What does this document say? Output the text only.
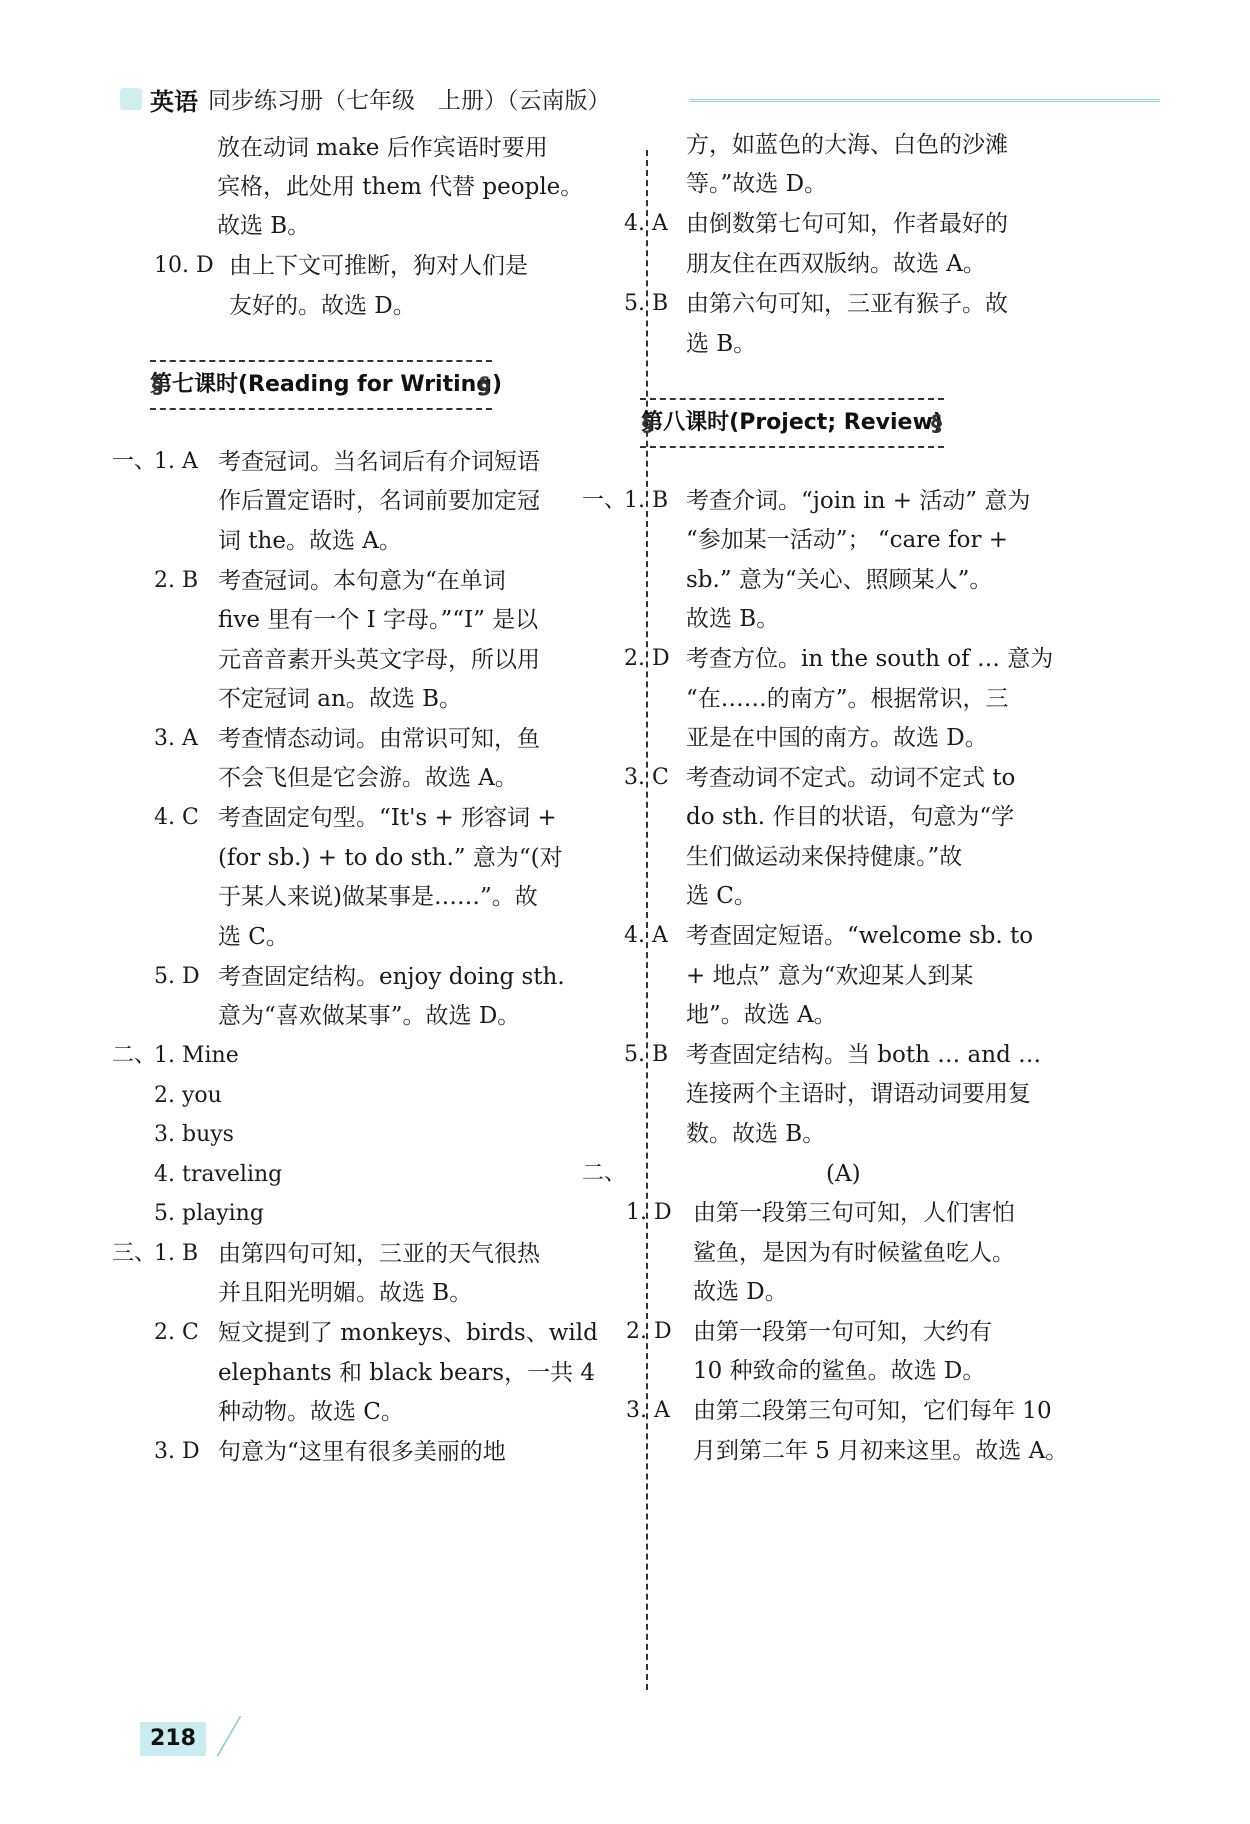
英语 同步练习册（七年级　上册）（云南版）
放在动词 make 后作宾语时要用
宾格，此处用 them 代替 people。
故选 B。
10. D 由上下文可推断，狗对人们是
友好的。故选 D。
§ 第七课时(Reading for Writing) §
一、
1. A 考查冠词。当名词后有介词短语
作后置定语时，名词前要加定冠
词 the。故选 A。
2. B 考查冠词。本句意为“在单词
five 里有一个 I 字母。”“I” 是以
元音音素开头英文字母，所以用
不定冠词 an。故选 B。
3. A 考查情态动词。由常识可知，鱼
不会飞但是它会游。故选 A。
4. C 考查固定句型。“It's + 形容词 +
(for sb.) + to do sth.” 意为“(对
于某人来说)做某事是……”。故
选 C。
5. D 考查固定结构。enjoy doing sth.
意为“喜欢做某事”。故选 D。
二、
1. Mine
2. you
3. buys
4. traveling
5. playing
三、
1. B 由第四句可知，三亚的天气很热
并且阳光明媚。故选 B。
2. C 短文提到了 monkeys、birds、wild
elephants 和 black bears，一共 4
种动物。故选 C。
3. D 句意为“这里有很多美丽的地
方，如蓝色的大海、白色的沙滩
等。”故选 D。
4. A 由倒数第七句可知，作者最好的
朋友住在西双版纳。故选 A。
5. B 由第六句可知，三亚有猴子。故
选 B。
§ 第八课时(Project; Review) §
一、
1. B 考查介词。“join in + 活动” 意为
“参加某一活动”； “care for +
sb.” 意为“关心、照顾某人”。
故选 B。
2. D 考查方位。in the south of … 意为
“在……的南方”。根据常识，三
亚是在中国的南方。故选 D。
3. C 考查动词不定式。动词不定式 to
do sth. 作目的状语，句意为“学
生们做运动来保持健康。”故
选 C。
4. A 考查固定短语。“welcome sb. to
+ 地点” 意为“欢迎某人到某
地”。故选 A。
5. B 考查固定结构。当 both … and …
连接两个主语时，谓语动词要用复
数。故选 B。
二、	(A)
1. D 由第一段第三句可知，人们害怕
鲨鱼，是因为有时候鲨鱼吃人。
故选 D。
2. D 由第一段第一句可知，大约有
10 种致命的鲨鱼。故选 D。
3. A 由第二段第三句可知，它们每年 10
月到第二年 5 月初来这里。故选 A。
218
